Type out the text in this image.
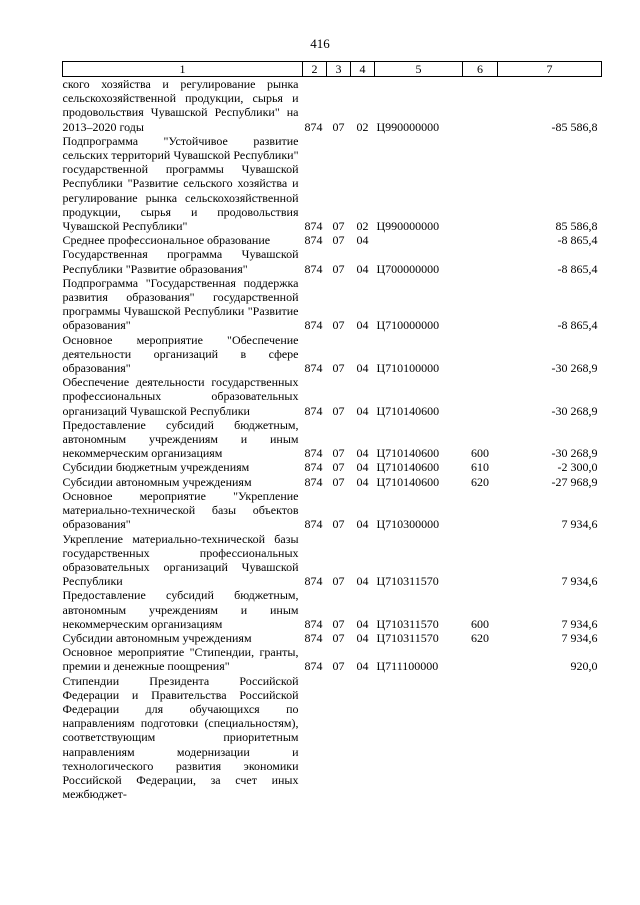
416
1	2	3	4	5	6	7
ского хозяйства и регулирование рынка сельскохозяйственной продукции, сырья и продовольствия Чувашской Республики" на 2013–2020 годы	874	07	02	Ц990000000		-85 586,8
Подпрограмма "Устойчивое развитие сельских территорий Чувашской Республики" государственной программы Чувашской Республики "Развитие сельского хозяйства и регулирование рынка сельскохозяйственной продукции, сырья и продовольствия Чувашской Республики"	874	07	02	Ц990000000		85 586,8
Среднее профессиональное образование	874	07	04			-8 865,4
Государственная программа Чувашской Республики "Развитие образования"	874	07	04	Ц700000000		-8 865,4
Подпрограмма "Государственная поддержка развития образования" государственной программы Чувашской Республики "Развитие образования"	874	07	04	Ц710000000		-8 865,4
Основное мероприятие "Обеспечение деятельности организаций в сфере образования"	874	07	04	Ц710100000		-30 268,9
Обеспечение деятельности государственных профессиональных образовательных организаций Чувашской Республики	874	07	04	Ц710140600		-30 268,9
Предоставление субсидий бюджетным, автономным учреждениям и иным некоммерческим организациям	874	07	04	Ц710140600	600	-30 268,9
Субсидии бюджетным учреждениям	874	07	04	Ц710140600	610	-2 300,0
Субсидии автономным учреждениям	874	07	04	Ц710140600	620	-27 968,9
Основное мероприятие "Укрепление материально-технической базы объектов образования"	874	07	04	Ц710300000		7 934,6
Укрепление материально-технической базы государственных профессиональных образовательных организаций Чувашской Республики	874	07	04	Ц710311570		7 934,6
Предоставление субсидий бюджетным, автономным учреждениям и иным некоммерческим организациям	874	07	04	Ц710311570	600	7 934,6
Субсидии автономным учреждениям	874	07	04	Ц710311570	620	7 934,6
Основное мероприятие "Стипендии, гранты, премии и денежные поощрения"	874	07	04	Ц711100000		920,0
Стипендии Президента Российской Федерации и Правительства Российской Федерации для обучающихся по направлениям подготовки (специальностям), соответствующим приоритетным направлениям модернизации и технологического развития экономики Российской Федерации, за счет иных межбюджет-						
